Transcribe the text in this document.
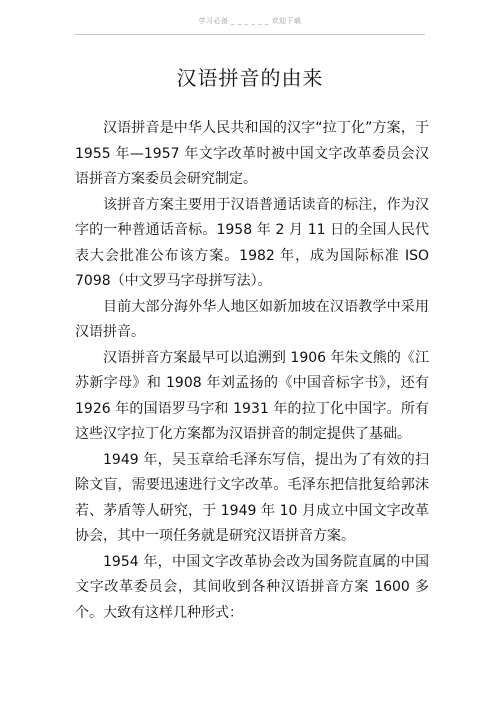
学习必备 _ _ _ _ _ _ 欢迎下载
汉语拼音的由来

汉语拼音是中华人民共和国的汉字“拉丁化”方案，于1955 年—1957 年文字改革时被中国文字改革委员会汉语拼音方案委员会研究制定。

该拼音方案主要用于汉语普通话读音的标注，作为汉字的一种普通话音标。1958 年 2 月 11 日的全国人民代表大会批准公布该方案。1982 年，成为国际标准 ISO 7098（中文罗马字母拼写法）。

目前大部分海外华人地区如新加坡在汉语教学中采用汉语拼音。

汉语拼音方案最早可以追溯到 1906 年朱文熊的《江苏新字母》和 1908 年刘孟扬的《中国音标字书》，还有 1926 年的国语罗马字和 1931 年的拉丁化中国字。所有这些汉字拉丁化方案都为汉语拼音的制定提供了基础。

1949 年，吴玉章给毛泽东写信，提出为了有效的扫除文盲，需要迅速进行文字改革。毛泽东把信批复给郭沫若、茅盾等人研究，于 1949 年 10 月成立中国文字改革协会，其中一项任务就是研究汉语拼音方案。

1954 年，中国文字改革协会改为国务院直属的中国文字改革委员会，其间收到各种汉语拼音方案 1600 多个。大致有这样几种形式：
